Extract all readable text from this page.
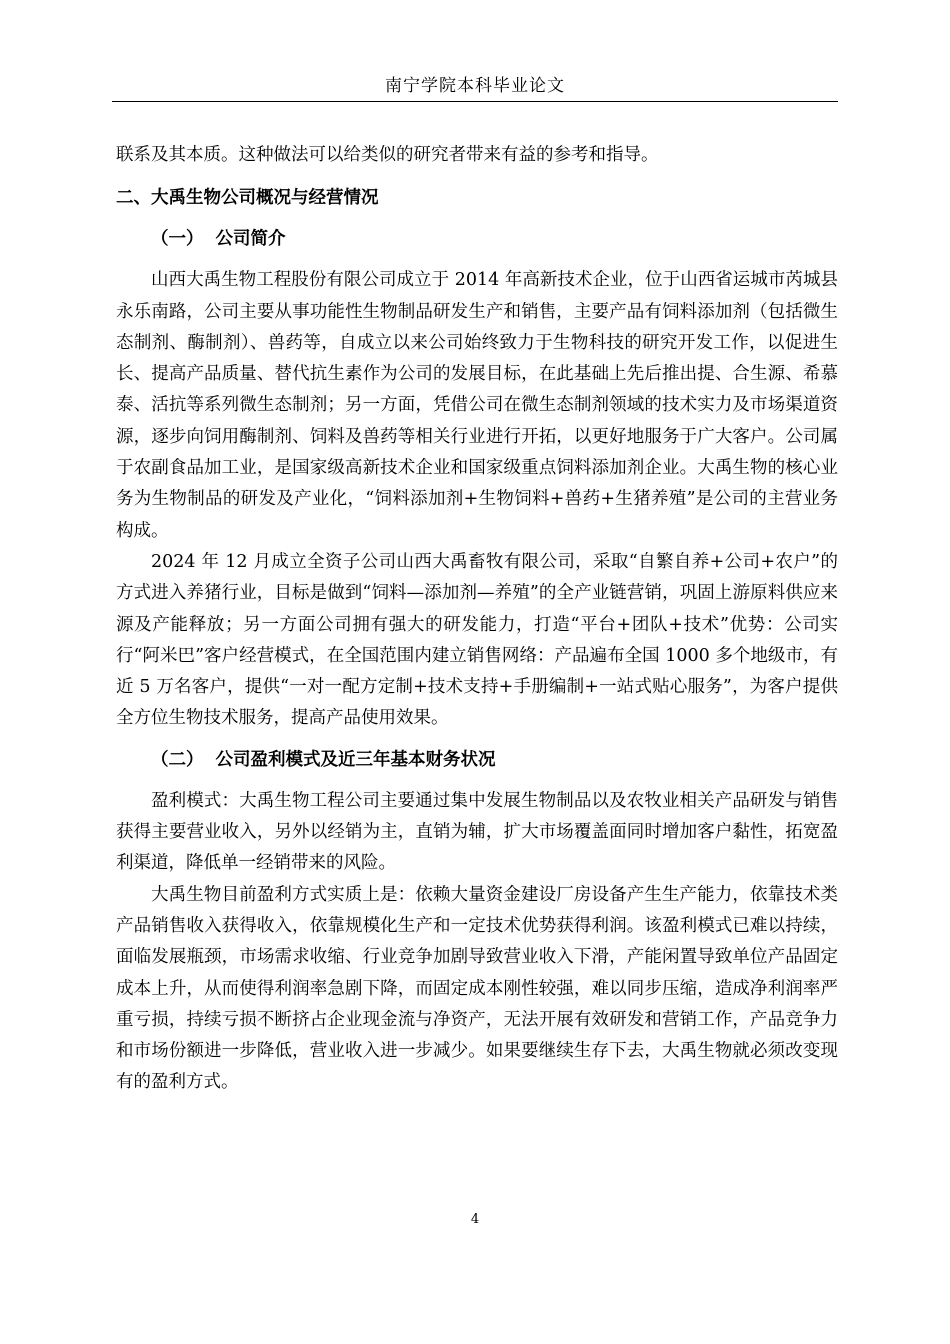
南宁学院本科毕业论文

联系及其本质。这种做法可以给类似的研究者带来有益的参考和指导。

二、大禹生物公司概况与经营情况
（一） 公司简介

山西大禹生物工程股份有限公司成立于 2014 年高新技术企业，位于山西省运城市芮城县永乐南路，公司主要从事功能性生物制品研发生产和销售，主要产品有饲料添加剂（包括微生态制剂、酶制剂）、兽药等，自成立以来公司始终致力于生物科技的研究开发工作，以促进生长、提高产品质量、替代抗生素作为公司的发展目标，在此基础上先后推出提、合生源、希慕泰、活抗等系列微生态制剂；另一方面，凭借公司在微生态制剂领域的技术实力及市场渠道资源，逐步向饲用酶制剂、饲料及兽药等相关行业进行开拓，以更好地服务于广大客户。公司属于农副食品加工业，是国家级高新技术企业和国家级重点饲料添加剂企业。大禹生物的核心业务为生物制品的研发及产业化，“饲料添加剂+生物饲料+兽药+生猪养殖”是公司的主营业务构成。

2024 年 12 月成立全资子公司山西大禹畜牧有限公司，采取“自繁自养+公司+农户”的方式进入养猪行业，目标是做到“饲料—添加剂—养殖”的全产业链营销，巩固上游原料供应来源及产能释放；另一方面公司拥有强大的研发能力，打造“平台+团队+技术”优势：公司实行“阿米巴”客户经营模式，在全国范围内建立销售网络：产品遍布全国 1000 多个地级市，有近 5 万名客户，提供“一对一配方定制+技术支持+手册编制+一站式贴心服务”，为客户提供全方位生物技术服务，提高产品使用效果。

（二） 公司盈利模式及近三年基本财务状况

盈利模式：大禹生物工程公司主要通过集中发展生物制品以及农牧业相关产品研发与销售获得主要营业收入，另外以经销为主，直销为辅，扩大市场覆盖面同时增加客户黏性，拓宽盈利渠道，降低单一经销带来的风险。

大禹生物目前盈利方式实质上是：依赖大量资金建设厂房设备产生生产能力，依靠技术类产品销售收入获得收入，依靠规模化生产和一定技术优势获得利润。该盈利模式已难以持续，面临发展瓶颈，市场需求收缩、行业竞争加剧导致营业收入下滑，产能闲置导致单位产品固定成本上升，从而使得利润率急剧下降，而固定成本刚性较强，难以同步压缩，造成净利润率严重亏损，持续亏损不断挤占企业现金流与净资产，无法开展有效研发和营销工作，产品竞争力和市场份额进一步降低，营业收入进一步减少。如果要继续生存下去，大禹生物就必须改变现有的盈利方式。

4
